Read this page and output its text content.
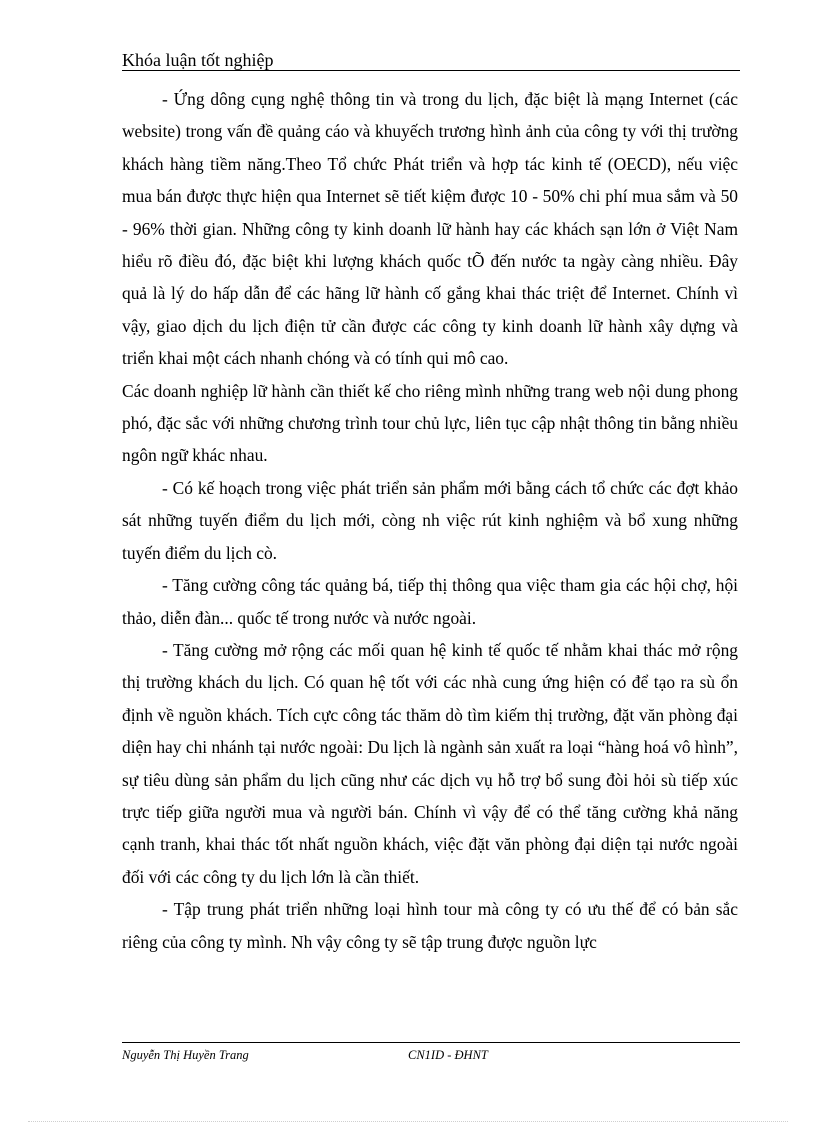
Khóa luận tốt nghiệp

- Ứng dông cụng nghệ thông tin và trong du lịch, đặc biệt là mạng Internet (các website) trong vấn đề quảng cáo và khuyếch trương hình ảnh của công ty với thị trường khách hàng tiềm năng.Theo Tổ chức Phát triển và hợp tác kinh tế (OECD), nếu việc mua bán được thực hiện qua Internet sẽ tiết kiệm được 10 - 50% chi phí mua sắm và 50 - 96% thời gian. Những công ty kinh doanh lữ hành hay các khách sạn lớn ở Việt Nam hiểu rõ điều đó, đặc biệt khi lượng khách quốc tÕ đến nước ta ngày càng nhiều. Đây quả là lý do hấp dẫn để các hãng lữ hành cố gắng khai thác triệt để Internet. Chính vì vậy, giao dịch du lịch điện tử cần được các công ty kinh doanh lữ hành xây dựng và triển khai một cách nhanh chóng và có tính qui mô cao.

Các doanh nghiệp lữ hành cần thiết kế cho riêng mình những trang web nội dung phong phó, đặc sắc với những chương trình tour chủ lực, liên tục cập nhật thông tin bằng nhiều ngôn ngữ khác nhau.

- Có kế hoạch trong việc phát triển sản phẩm mới bằng cách tổ chức các đợt khảo sát những tuyến điểm du lịch mới, còng nh việc rút kinh nghiệm và bổ xung những tuyến điểm du lịch cò.

- Tăng cường công tác quảng bá, tiếp thị thông qua việc tham gia các hội chợ, hội thảo, diễn đàn... quốc tế trong nước và nước ngoài.

- Tăng cường mở rộng các mối quan hệ kinh tế quốc tế nhằm khai thác mở rộng thị trường khách du lịch. Có quan hệ tốt với các nhà cung ứng hiện có để tạo ra sù ổn định về nguồn khách. Tích cực công tác thăm dò tìm kiếm thị trường, đặt văn phòng đại diện hay chi nhánh tại nước ngoài: Du lịch là ngành sản xuất ra loại “hàng hoá vô hình”, sự tiêu dùng sản phẩm du lịch cũng như các dịch vụ hỗ trợ bổ sung đòi hỏi sù tiếp xúc trực tiếp giữa người mua và người bán. Chính vì vậy để có thể tăng cường khả năng cạnh tranh, khai thác tốt nhất nguồn khách, việc đặt văn phòng đại diện tại nước ngoài đối với các công ty du lịch lớn là cần thiết.

- Tập trung phát triển những loại hình tour mà công ty có ưu thế để có bản sắc riêng của công ty mình. Nh vậy công ty sẽ tập trung được nguồn lực

Nguyễn Thị Huyền Trang	CN1ID - ĐHNT
